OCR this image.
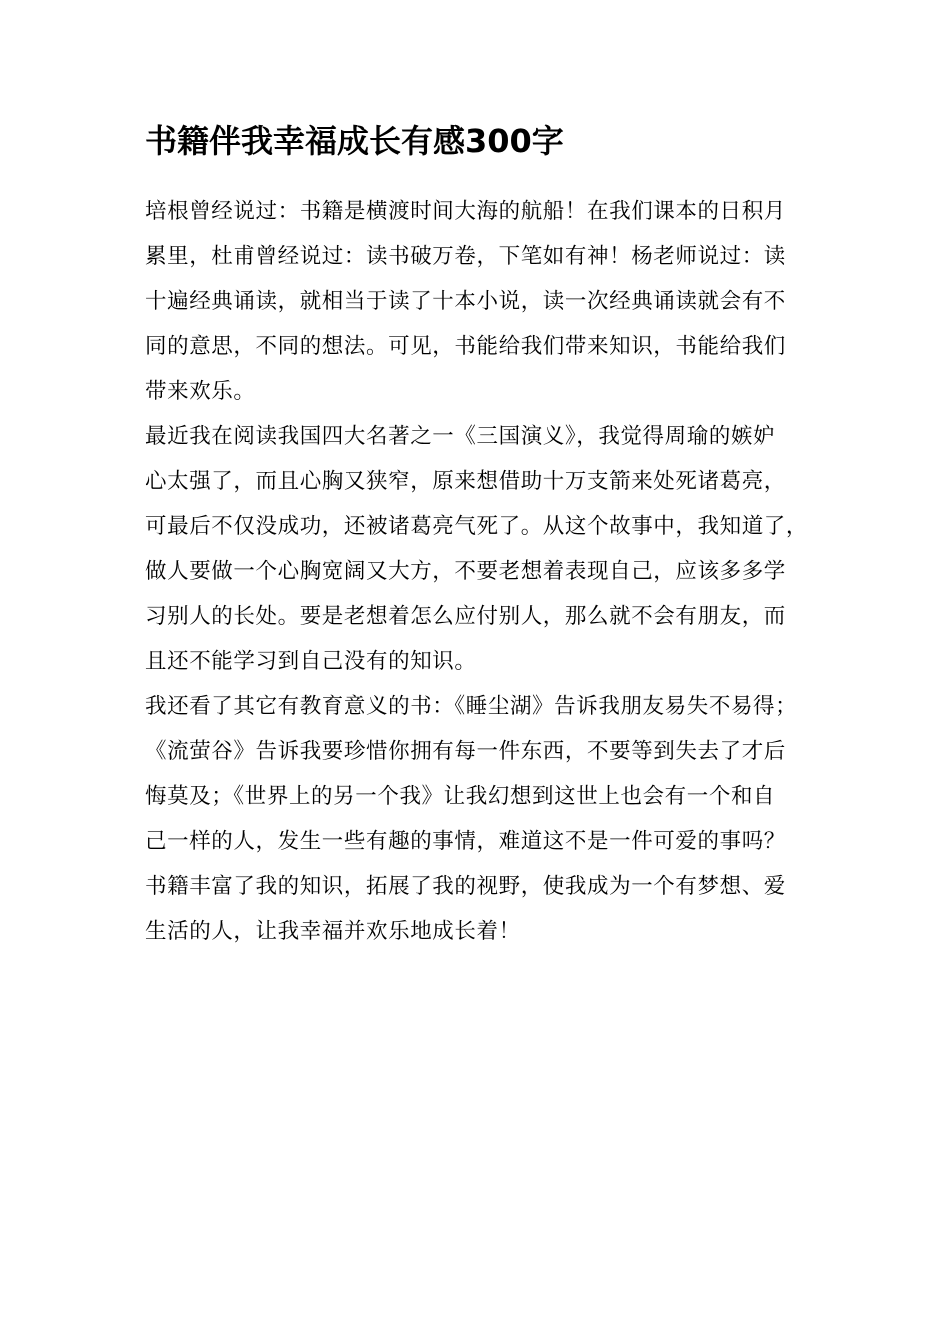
书籍伴我幸福成长有感300字

培根曾经说过：书籍是横渡时间大海的航船！在我们课本的日积月
累里，杜甫曾经说过：读书破万卷，下笔如有神！杨老师说过：读
十遍经典诵读，就相当于读了十本小说，读一次经典诵读就会有不
同的意思，不同的想法。可见，书能给我们带来知识，书能给我们
带来欢乐。

最近我在阅读我国四大名著之一《三国演义》，我觉得周瑜的嫉妒
心太强了，而且心胸又狭窄，原来想借助十万支箭来处死诸葛亮，
可最后不仅没成功，还被诸葛亮气死了。从这个故事中，我知道了，
做人要做一个心胸宽阔又大方，不要老想着表现自己，应该多多学
习别人的长处。要是老想着怎么应付别人，那么就不会有朋友，而
且还不能学习到自己没有的知识。

我还看了其它有教育意义的书：《睡尘湖》告诉我朋友易失不易得；
《流萤谷》告诉我要珍惜你拥有每一件东西，不要等到失去了才后
悔莫及；《世界上的另一个我》让我幻想到这世上也会有一个和自
己一样的人，发生一些有趣的事情，难道这不是一件可爱的事吗？

书籍丰富了我的知识，拓展了我的视野，使我成为一个有梦想、爱
生活的人，让我幸福并欢乐地成长着！
